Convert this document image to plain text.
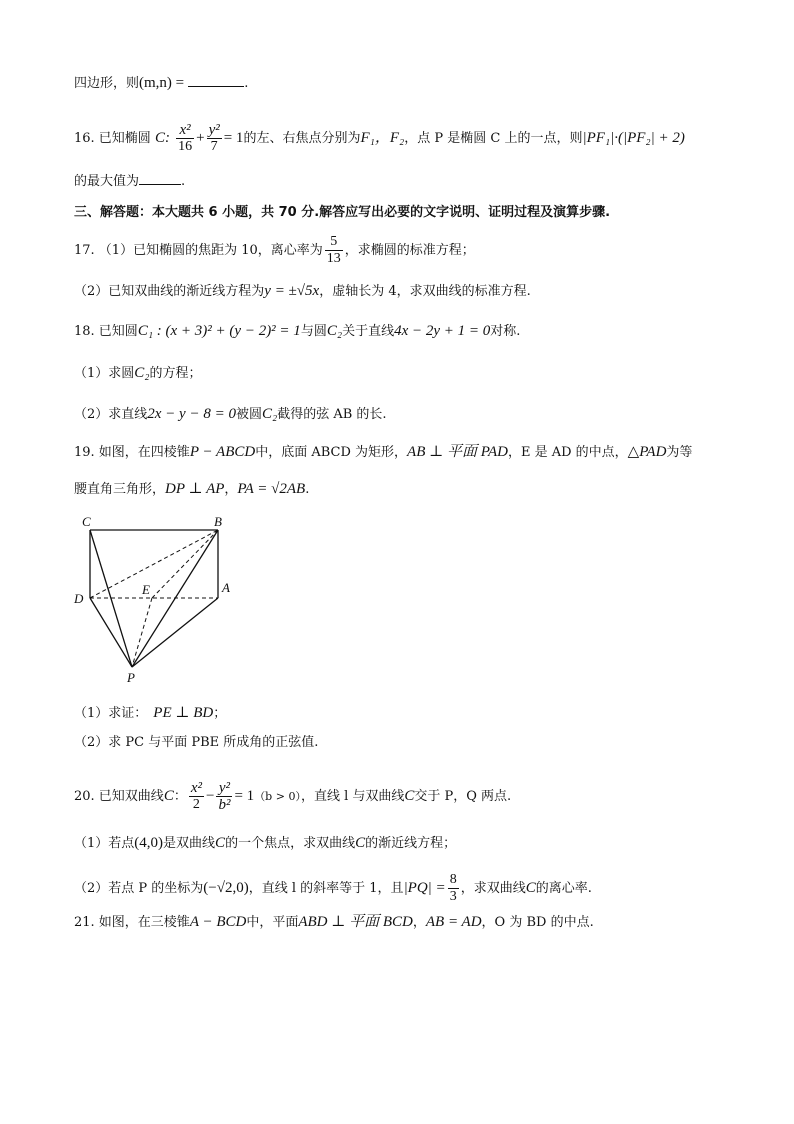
四边形，则(m,n) =	.
16. 已知椭圆 C: $\frac{\text{x²}}{16} + \frac{\text{y²}}{7} = 1$的左、右焦点分别为F₁，F₂，点 P 是椭圆 C 上的一点，则|PF₁|·(|PF₂| + 2)
的最大值为	.
三、解答题：本大题共 6 小题，共 70 分.解答应写出必要的文字说明、证明过程及演算步骤.
17. （1）已知椭圆的焦距为 10，离心率为 $\frac{5}{13}$ ，求椭圆的标准方程；
（2）已知双曲线的渐近线方程为y = ±√5x，虚轴长为 4，求双曲线的标准方程.
18. 已知圆C₁ : (x + 3)² + (y − 2)² = 1与圆C₂关于直线4x − 2y + 1 = 0对称.
（1）求圆C₂的方程；
（2）求直线2x − y − 8 = 0被圆C₂截得的弦 AB 的长.
19. 如图，在四棱锥P − ABCD中，底面 ABCD 为矩形，AB ⊥ 平面 PAD，E 是 AD 的中点，△PAD为等
腰直角三角形，DP ⊥ AP，PA = √2AB.
C	B
D
E	A
P
（1）求证： PE ⊥ BD；
（2）求 PC 与平面 PBE 所成角的正弦值.
20. 已知双曲线C： $\frac{\text{x²}}{2} - \frac{\text{y²}}{\text{b²}} = 1(b > 0)$，直线 l 与双曲线C交于 P，Q 两点.
（1）若点(4,0)是双曲线C的一个焦点，求双曲线C的渐近线方程；
（2）若点 P 的坐标为(−√2,0)，直线 l 的斜率等于 1，且$|PQ| = \frac{8}{3}$ ，求双曲线C的离心率.
21. 如图，在三棱锥A − BCD中，平面ABD ⊥ 平面 BCD，AB = AD，O 为 BD 的中点.
